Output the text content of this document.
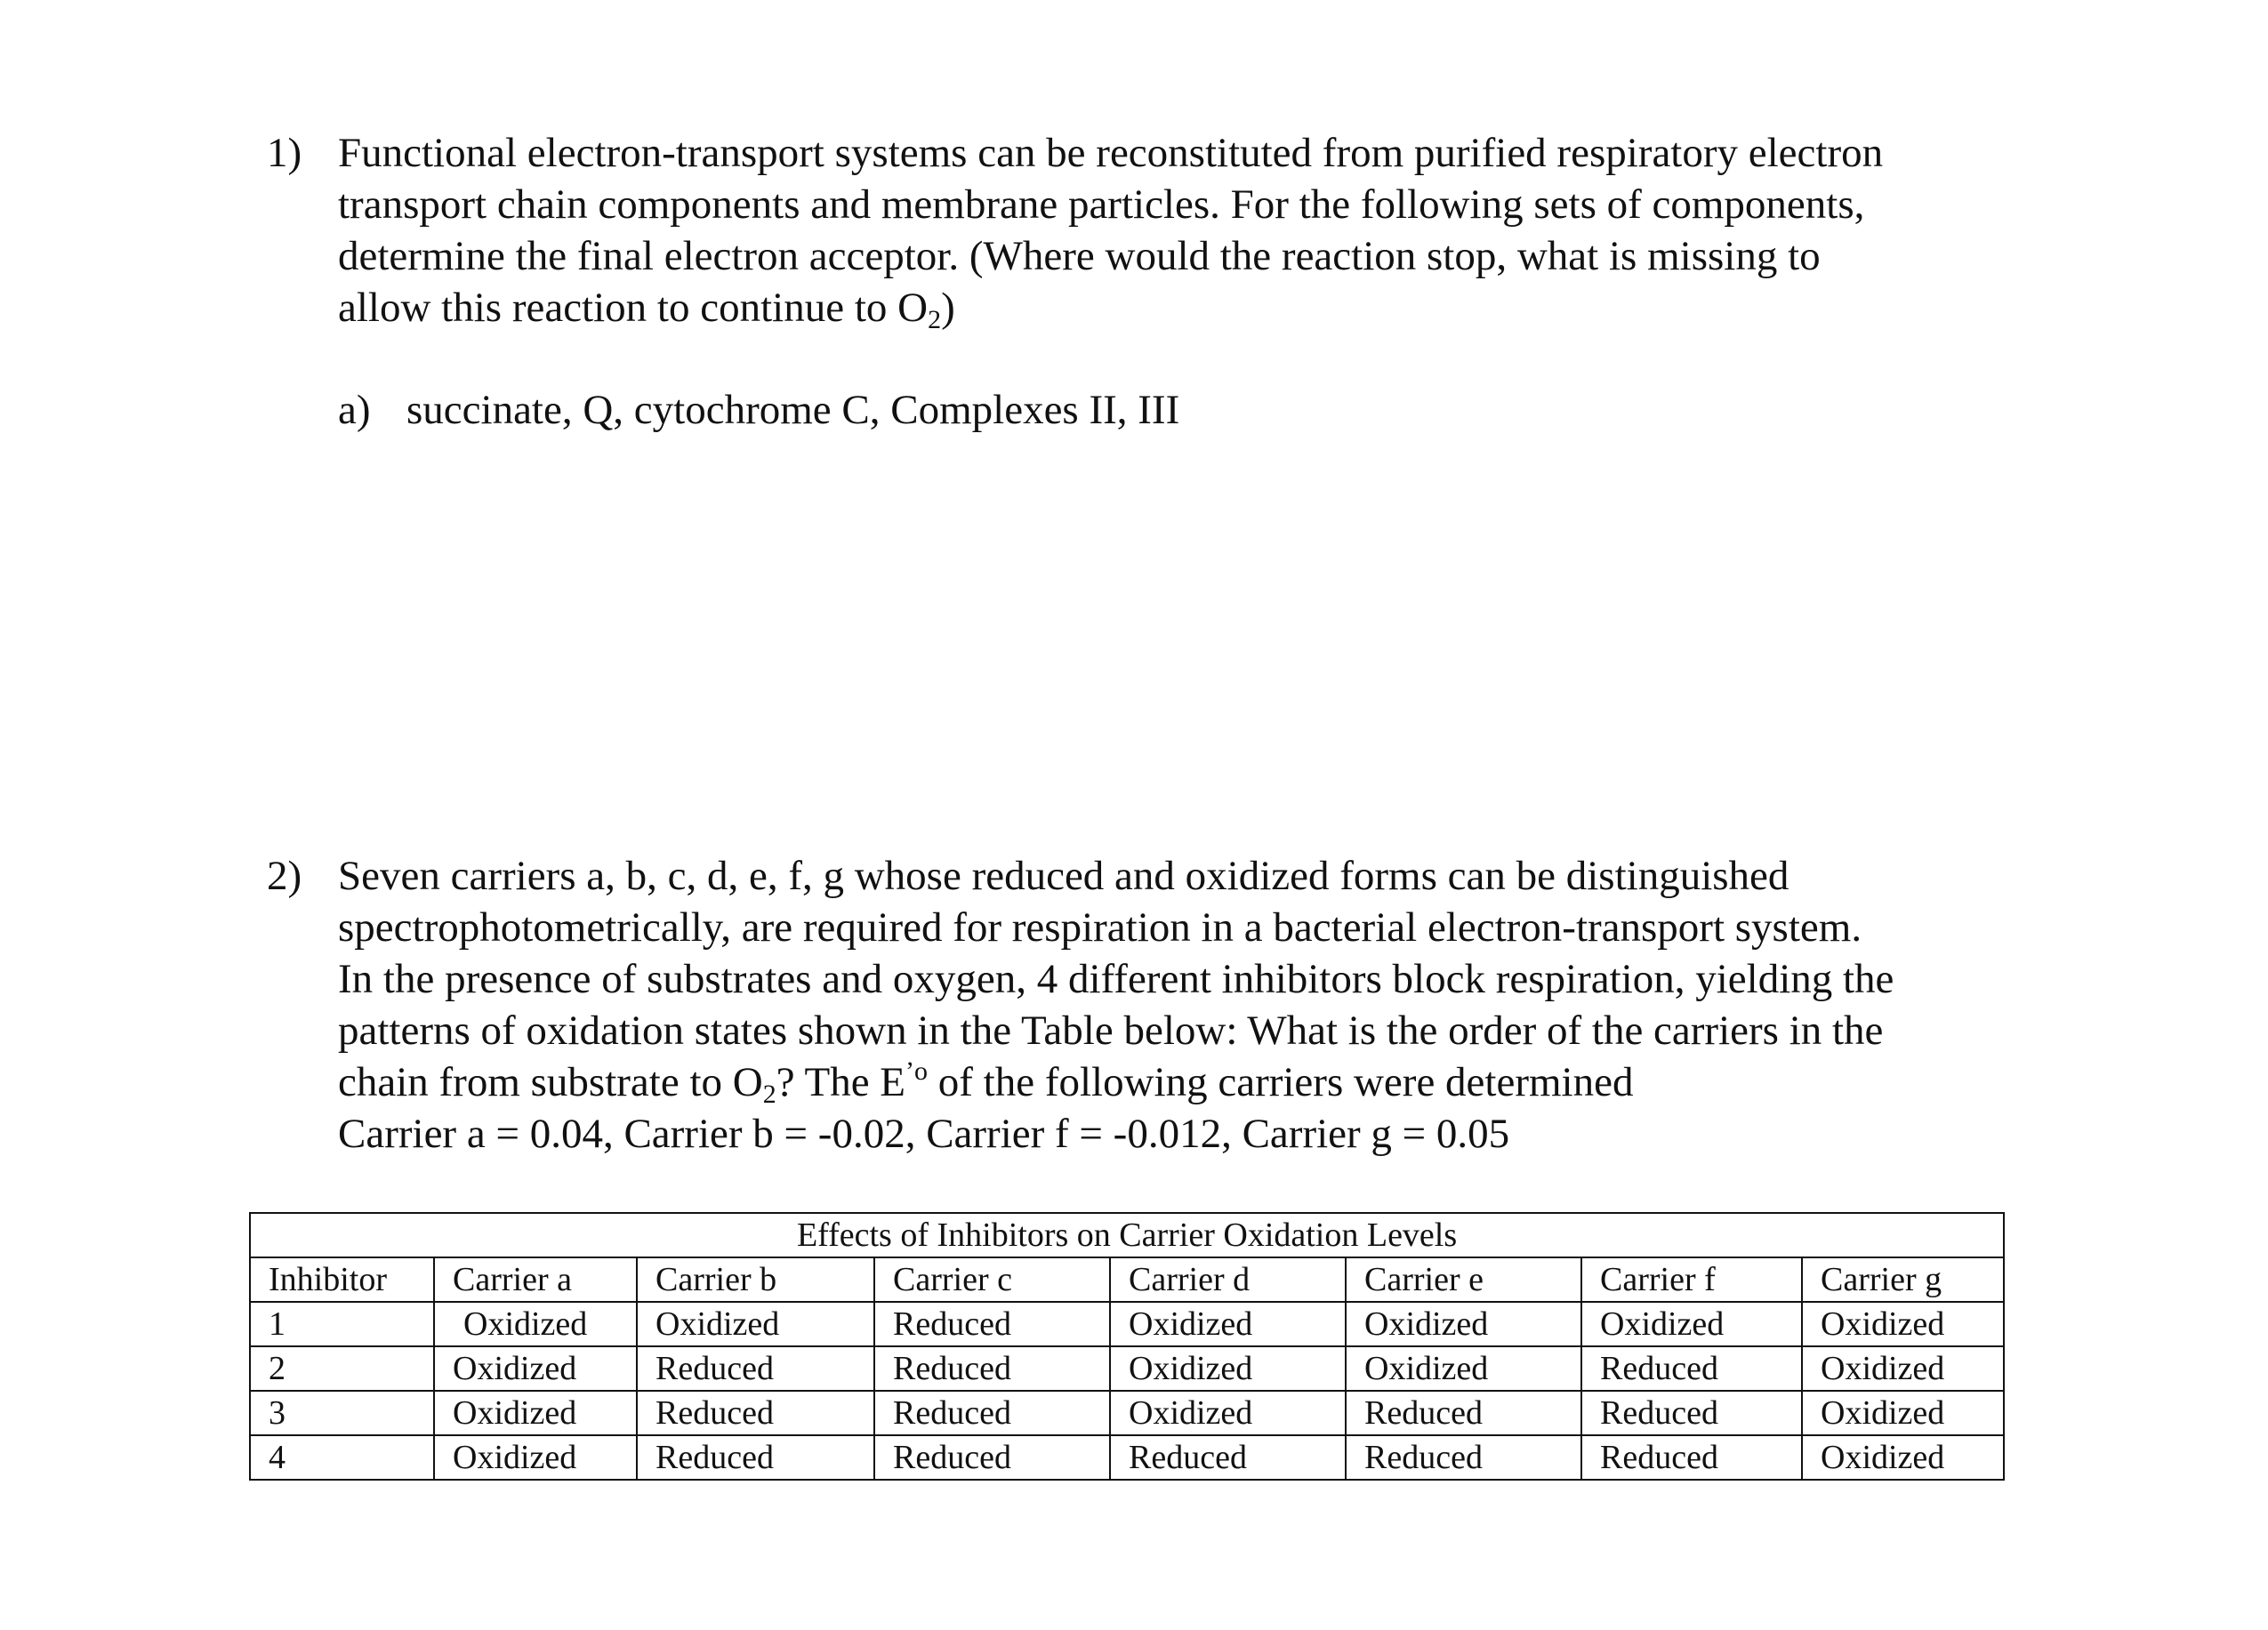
1) Functional electron-transport systems can be reconstituted from purified respiratory electron
transport chain components and membrane particles. For the following sets of components,
determine the final electron acceptor. (Where would the reaction stop, what is missing to
allow this reaction to continue to $O_2$)
a) succinate, Q, cytochrome C, Complexes II, III
2) Seven carriers a, b, c, d, e, f, g whose reduced and oxidized forms can be distinguished
spectrophotometrically, are required for respiration in a bacterial electron-transport system.
In the presence of substrates and oxygen, 4 different inhibitors block respiration, yielding the
patterns of oxidation states shown in the Table below: What is the order of the carriers in the
chain from substrate to $O_2$? The $E^{’o}$ of the following carriers were determined
Carrier a = 0.04, Carrier b = -0.02, Carrier f = -0.012, Carrier g = 0.05
Effects of Inhibitors on Carrier Oxidation Levels							
Inhibitor	Carrier a	Carrier b	Carrier c	Carrier d	Carrier e	Carrier f	Carrier g
1	Oxidized	Oxidized	Reduced	Oxidized	Oxidized	Oxidized	Oxidized
2	Oxidized	Reduced	Reduced	Oxidized	Oxidized	Reduced	Oxidized
3	Oxidized	Reduced	Reduced	Oxidized	Reduced	Reduced	Oxidized
4	Oxidized	Reduced	Reduced	Reduced	Reduced	Reduced	Oxidized
